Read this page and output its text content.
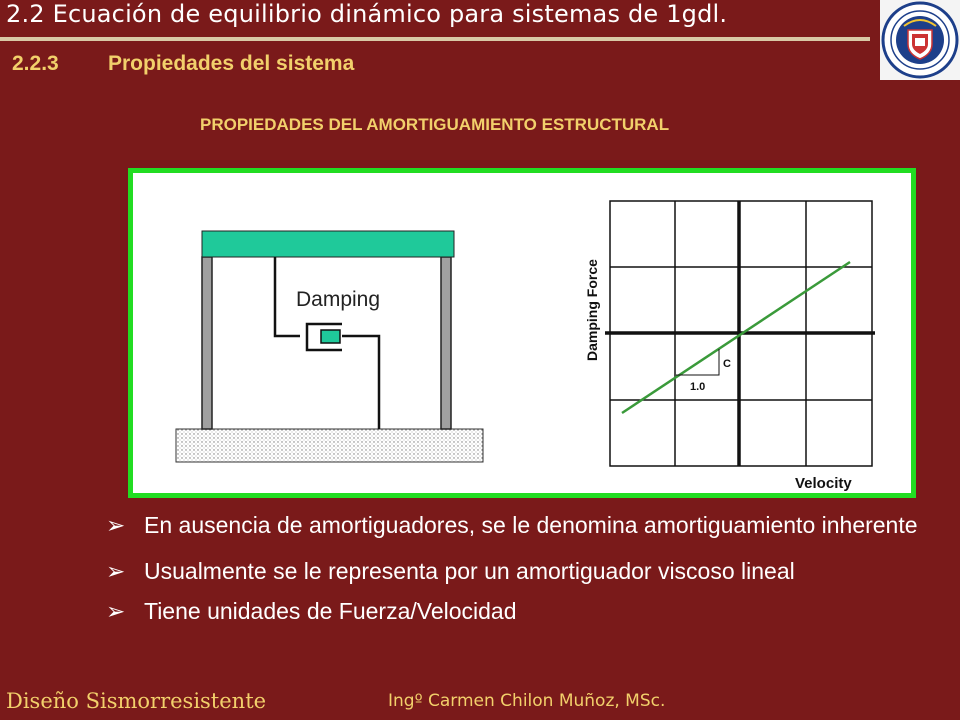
2.2 Ecuación de equilibrio dinámico para sistemas de 1gdl.
2.2.3 Propiedades del sistema
PROPIEDADES DEL AMORTIGUAMIENTO ESTRUCTURAL
Damping
C
1.0
Damping Force
Velocity
➢ En ausencia de amortiguadores, se le denomina amortiguamiento inherente
➢ Usualmente se le representa por un amortiguador viscoso lineal
➢ Tiene unidades de Fuerza/Velocidad
Diseño Sismorresistente	Ingº Carmen Chilon Muñoz, MSc.
